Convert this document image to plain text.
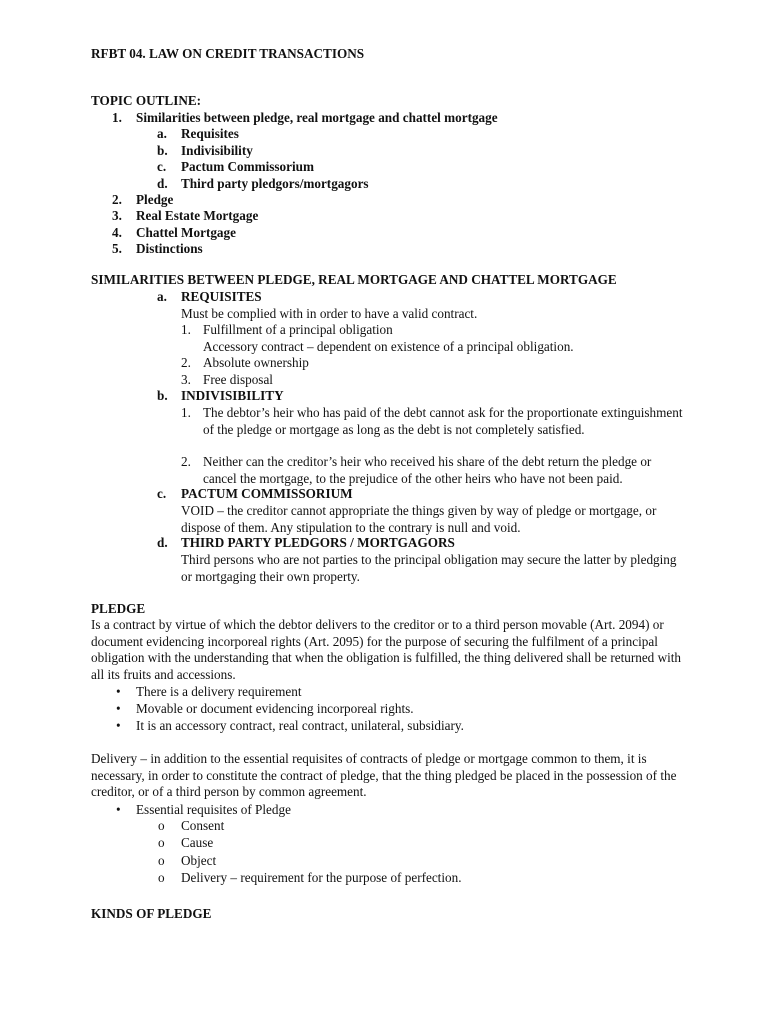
RFBT 04. LAW ON CREDIT TRANSACTIONS
TOPIC OUTLINE:
1. Similarities between pledge, real mortgage and chattel mortgage
a. Requisites
b. Indivisibility
c. Pactum Commissorium
d. Third party pledgors/mortgagors
2. Pledge
3. Real Estate Mortgage
4. Chattel Mortgage
5. Distinctions
SIMILARITIES BETWEEN PLEDGE, REAL MORTGAGE AND CHATTEL MORTGAGE
a. REQUISITES
Must be complied with in order to have a valid contract.
1. Fulfillment of a principal obligation
Accessory contract – dependent on existence of a principal obligation.
2. Absolute ownership
3. Free disposal
b. INDIVISIBILITY
1. The debtor’s heir who has paid of the debt cannot ask for the proportionate extinguishment of the pledge or mortgage as long as the debt is not completely satisfied.
2. Neither can the creditor’s heir who received his share of the debt return the pledge or cancel the mortgage, to the prejudice of the other heirs who have not been paid.
c. PACTUM COMMISSORIUM
VOID – the creditor cannot appropriate the things given by way of pledge or mortgage, or dispose of them. Any stipulation to the contrary is null and void.
d. THIRD PARTY PLEDGORS / MORTGAGORS
Third persons who are not parties to the principal obligation may secure the latter by pledging or mortgaging their own property.
PLEDGE
Is a contract by virtue of which the debtor delivers to the creditor or to a third person movable (Art. 2094) or document evidencing incorporeal rights (Art. 2095) for the purpose of securing the fulfilment of a principal obligation with the understanding that when the obligation is fulfilled, the thing delivered shall be returned with all its fruits and accessions.
• There is a delivery requirement
• Movable or document evidencing incorporeal rights.
• It is an accessory contract, real contract, unilateral, subsidiary.
Delivery – in addition to the essential requisites of contracts of pledge or mortgage common to them, it is necessary, in order to constitute the contract of pledge, that the thing pledged be placed in the possession of the creditor, or of a third person by common agreement.
• Essential requisites of Pledge
o Consent
o Cause
o Object
o Delivery – requirement for the purpose of perfection.
KINDS OF PLEDGE
